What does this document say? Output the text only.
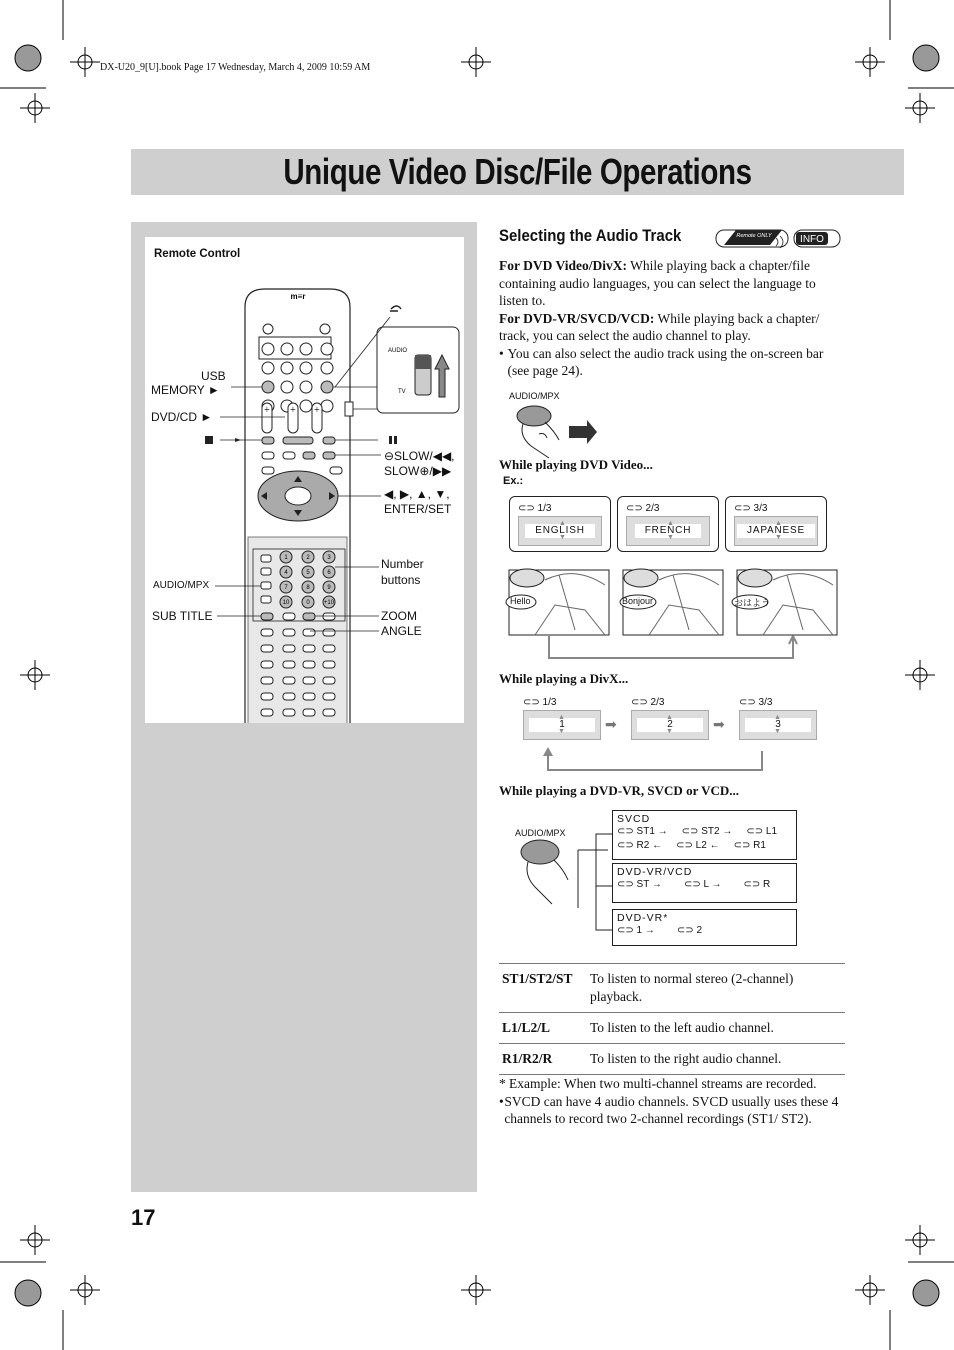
DX-U20_9[U].book Page 17 Wednesday, March 4, 2009 10:59 AM
Unique Video Disc/File Operations
Remote Control
m≡r
+ + +
1	2	3
4	5	6
7	8	9
10	0 +10
AUDIO
TV
USB
MEMORY ►
DVD/CD ►
⊖SLOW/◀◀,
SLOW⊕/▶▶
◀, ▶, ▲, ▼,
ENTER/SET
Number
buttons
AUDIO/MPX
SUB TITLE	ZOOM
ANGLE
17
Selecting the Audio Track	Remote ONLY	INFO
For DVD Video/DivX: While playing back a chapter/file containing audio languages, you can select the language to listen to.
For DVD-VR/SVCD/VCD: While playing back a chapter/ track, you can select the audio channel to play.
• You can also select the audio track using the on-screen bar (see page 24).
AUDIO/MPX
While playing DVD Video...
Ex.:
⊂⊃ 1/3
▲
ENGLISH
▼
⊂⊃ 2/3
▲
FRENCH
▼
⊂⊃ 3/3
▲
JAPANESE
▼
Hello	Bonjour	おはよう
While playing a DivX...
⊂⊃ 1/3
▲
1
▼	➡
⊂⊃ 2/3
▲
2
▼	➡
⊂⊃ 3/3
▲
3
▼
While playing a DVD-VR, SVCD or VCD...
AUDIO/MPX
SVCD
⊂⊃ ST1 → ⊂⊃ ST2 → ⊂⊃ L1
⊂⊃ R2 ← ⊂⊃ L2 ← ⊂⊃ R1
DVD-VR/VCD
⊂⊃ ST → ⊂⊃ L → ⊂⊃ R
DVD-VR*
⊂⊃ 1 → ⊂⊃ 2
ST1/ST2/ST	To listen to normal stereo (2-channel) playback.
L1/L2/L	To listen to the left audio channel.
R1/R2/R	To listen to the right audio channel.
* Example: When two multi-channel streams are recorded.
• SVCD can have 4 audio channels. SVCD usually uses these 4 channels to record two 2-channel recordings (ST1/ ST2).
